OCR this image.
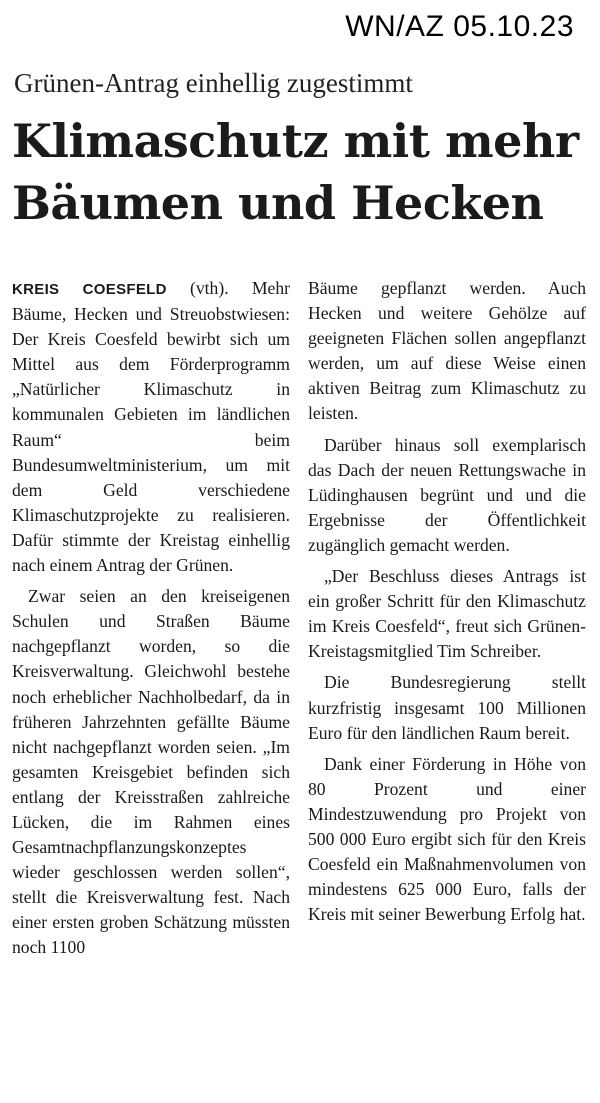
WN/AZ 05.10.23
Grünen-Antrag einhellig zugestimmt
Klimaschutz mit mehr Bäumen und Hecken

KREIS COESFELD (vth). Mehr Bäume, Hecken und Streuobstwiesen: Der Kreis Coesfeld bewirbt sich um Mittel aus dem Förderprogramm „Natürlicher Klimaschutz in kommunalen Gebieten im ländlichen Raum“ beim Bundesumweltministerium, um mit dem Geld verschiedene Klimaschutzprojekte zu realisieren. Dafür stimmte der Kreistag einhellig nach einem Antrag der Grünen.

Zwar seien an den kreiseigenen Schulen und Straßen Bäume nachgepflanzt worden, so die Kreisverwaltung. Gleichwohl bestehe noch erheblicher Nachholbedarf, da in früheren Jahrzehnten gefällte Bäume nicht nachgepflanzt worden seien. „Im gesamten Kreisgebiet befinden sich entlang der Kreisstraßen zahlreiche Lücken, die im Rahmen eines Gesamtnachpflanzungskonzeptes wieder geschlossen werden sollen“, stellt die Kreisverwaltung fest. Nach einer ersten groben Schätzung müssten noch 1100

Bäume gepflanzt werden. Auch Hecken und weitere Gehölze auf geeigneten Flächen sollen angepflanzt werden, um auf diese Weise einen aktiven Beitrag zum Klimaschutz zu leisten.

Darüber hinaus soll exemplarisch das Dach der neuen Rettungswache in Lüdinghausen begrünt und und die Ergebnisse der Öffentlichkeit zugänglich gemacht werden.

„Der Beschluss dieses Antrags ist ein großer Schritt für den Klimaschutz im Kreis Coesfeld“, freut sich Grünen-Kreistagsmitglied Tim Schreiber.

Die Bundesregierung stellt kurzfristig insgesamt 100 Millionen Euro für den ländlichen Raum bereit.

Dank einer Förderung in Höhe von 80 Prozent und einer Mindestzuwendung pro Projekt von 500 000 Euro ergibt sich für den Kreis Coesfeld ein Maßnahmenvolumen von mindestens 625 000 Euro, falls der Kreis mit seiner Bewerbung Erfolg hat.
